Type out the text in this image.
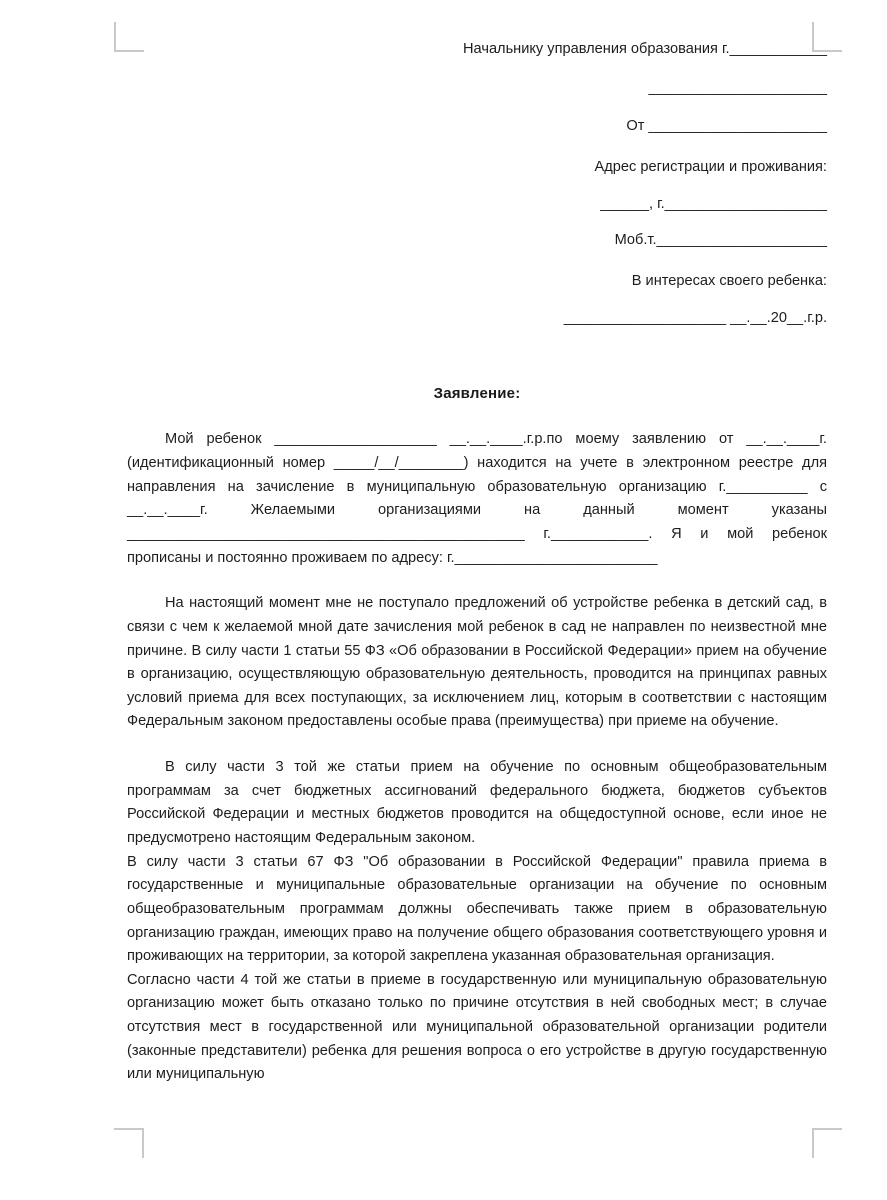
Начальнику управления образования г.____________

______________________

От ______________________

Адрес регистрации и проживания:

______, г.____________________

Моб.т._____________________

В интересах своего ребенка:

____________________ __.__.20__.г.р.

Заявление:

Мой ребенок ____________________ __.__.____.г.р.по моему заявлению от __.__.____г. (идентификационный номер _____/__/________) находится на учете в электронном реестре для направления на зачисление в муниципальную образовательную организацию г.__________ с __.__.____г. Желаемыми организациями на данный момент указаны _________________________________________________ г.____________. Я и мой ребенок прописаны и постоянно проживаем по адресу: г._________________________

На настоящий момент мне не поступало предложений об устройстве ребенка в детский сад, в связи с чем к желаемой мной дате зачисления мой ребенок в сад не направлен по неизвестной мне причине. В силу части 1 статьи 55 ФЗ «Об образовании в Российской Федерации» прием на обучение в организацию, осуществляющую образовательную деятельность, проводится на принципах равных условий приема для всех поступающих, за исключением лиц, которым в соответствии с настоящим Федеральным законом предоставлены особые права (преимущества) при приеме на обучение.

В силу части 3 той же статьи прием на обучение по основным общеобразовательным программам за счет бюджетных ассигнований федерального бюджета, бюджетов субъектов Российской Федерации и местных бюджетов проводится на общедоступной основе, если иное не предусмотрено настоящим Федеральным законом.

В силу части 3 статьи 67 ФЗ "Об образовании в Российской Федерации" правила приема в государственные и муниципальные образовательные организации на обучение по основным общеобразовательным программам должны обеспечивать также прием в образовательную организацию граждан, имеющих право на получение общего образования соответствующего уровня и проживающих на территории, за которой закреплена указанная образовательная организация.

Согласно части 4 той же статьи в приеме в государственную или муниципальную образовательную организацию может быть отказано только по причине отсутствия в ней свободных мест; в случае отсутствия мест в государственной или муниципальной образовательной организации родители (законные представители) ребенка для решения вопроса о его устройстве в другую государственную или муниципальную
